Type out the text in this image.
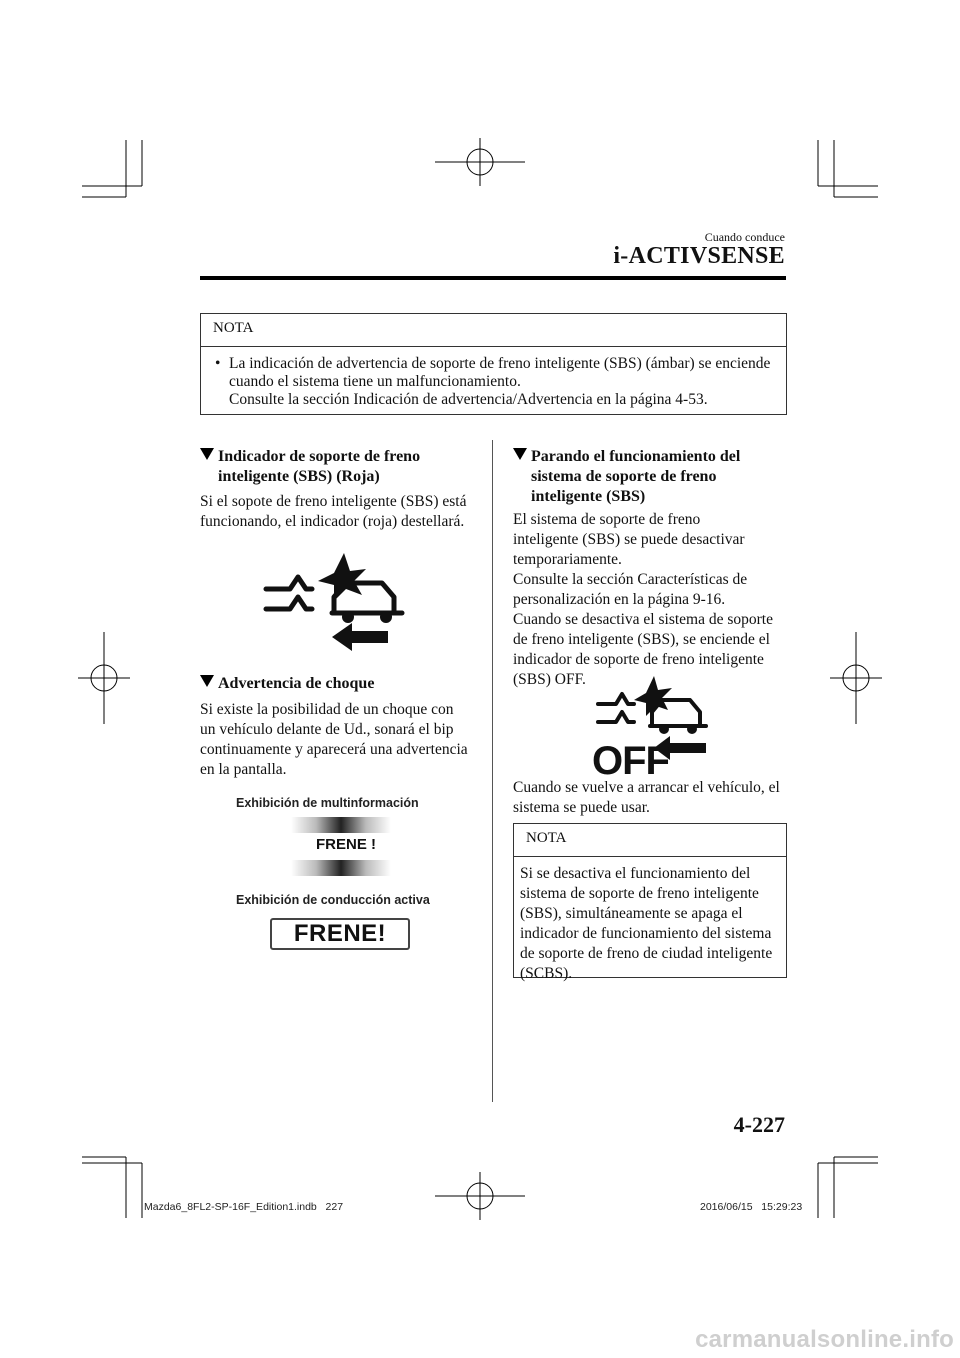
Cuando conduce
i-ACTIVSENSE
NOTA
• La indicación de advertencia de soporte de freno inteligente (SBS) (ámbar) se enciende
cuando el sistema tiene un malfuncionamiento.
Consulte la sección Indicación de advertencia/Advertencia en la página 4-53.
Indicador de soporte de freno
inteligente (SBS) (Roja)
Si el sopote de freno inteligente (SBS) está
funcionando, el indicador (roja) destellará.
Advertencia de choque
Si existe la posibilidad de un choque con
un vehículo delante de Ud., sonará el bip
continuamente y aparecerá una advertencia
en la pantalla.
Exhibición de multinformación
FRENE !
Exhibición de conducción activa
FRENE!
Parando el funcionamiento del
sistema de soporte de freno
inteligente (SBS)
El sistema de soporte de freno
inteligente (SBS) se puede desactivar
temporariamente.
Consulte la sección Características de
personalización en la página 9-16.
Cuando se desactiva el sistema de soporte
de freno inteligente (SBS), se enciende el
indicador de soporte de freno inteligente
(SBS) OFF.
OFF
Cuando se vuelve a arrancar el vehículo, el
sistema se puede usar.
NOTA
Si se desactiva el funcionamiento del
sistema de soporte de freno inteligente
(SBS), simultáneamente se apaga el
indicador de funcionamiento del sistema
de soporte de freno de ciudad inteligente
(SCBS).
4-227
Mazda6_8FL2-SP-16F_Edition1.indb   227	2016/06/15   15:29:23
carmanualsonline.info
